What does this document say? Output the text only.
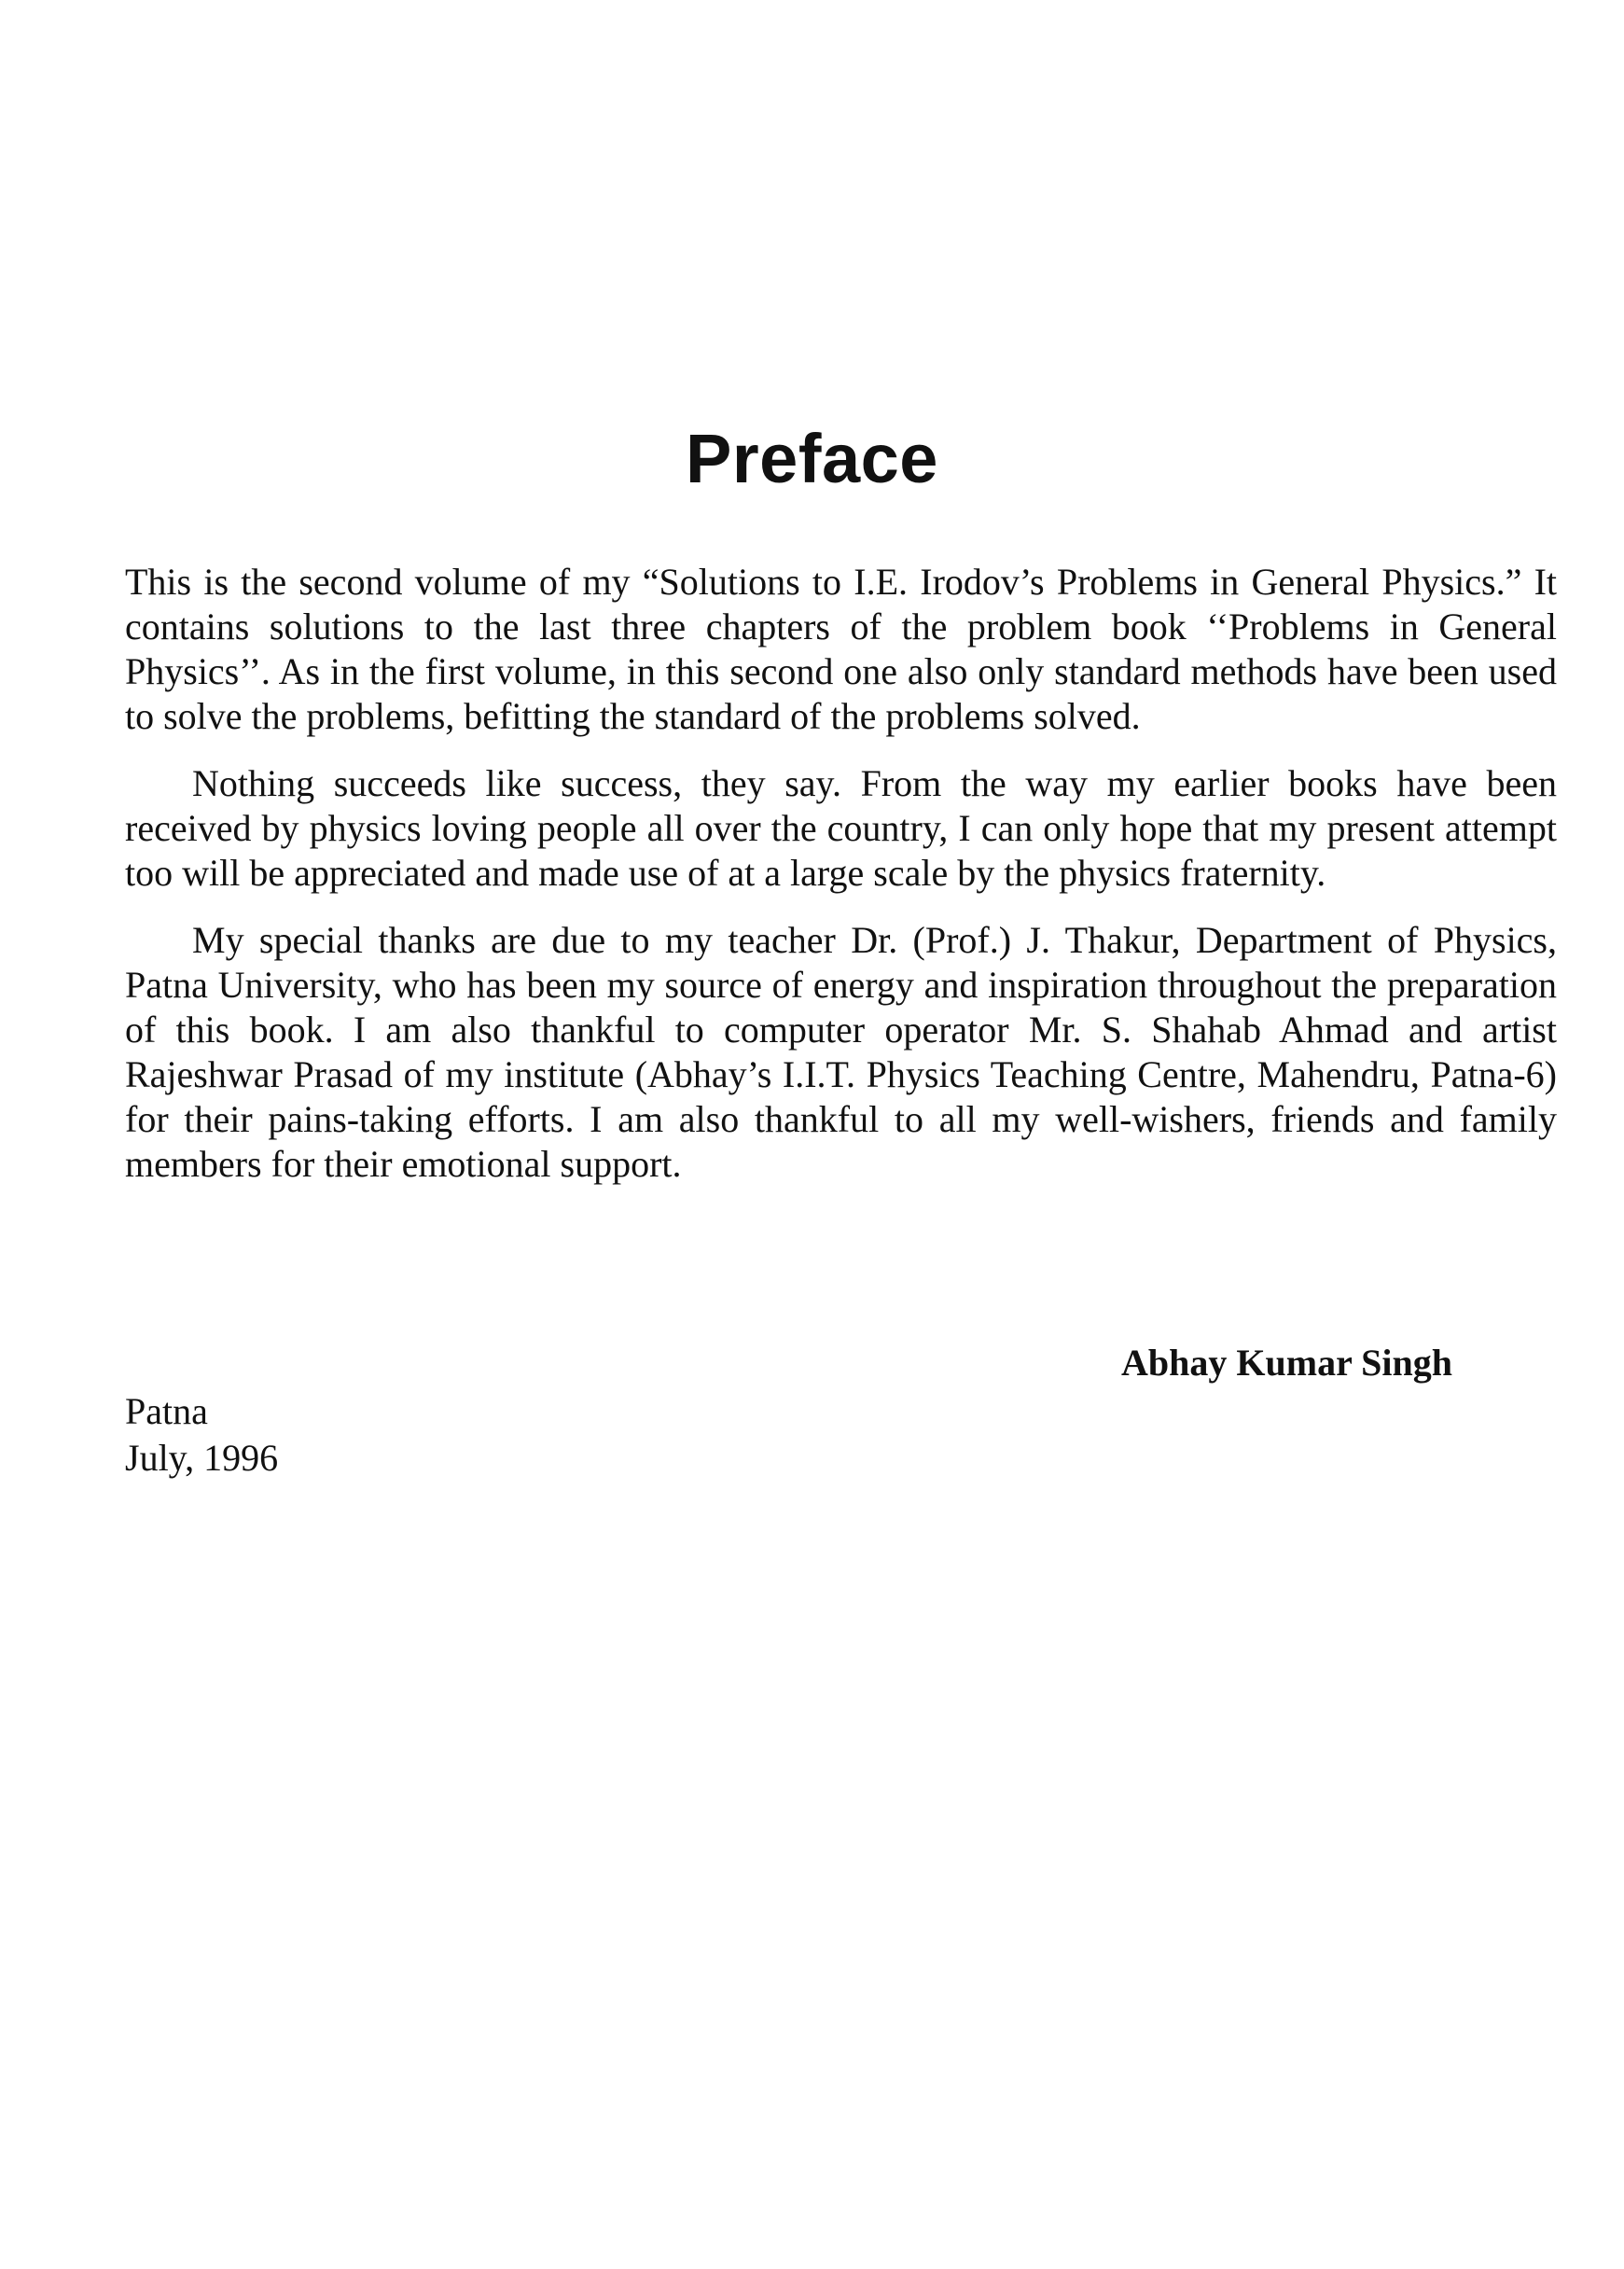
Preface

This is the second volume of my “Solutions to I.E. Irodov’s Problems in General Physics.” It contains solutions to the last three chapters of the problem book ‘‘Problems in General Physics’’. As in the first volume, in this second one also only standard methods have been used to solve the problems, befitting the standard of the problems solved.

Nothing succeeds like success, they say. From the way my earlier books have been received by physics loving people all over the country, I can only hope that my present attempt too will be appreciated and made use of at a large scale by the physics fraternity.

My special thanks are due to my teacher Dr. (Prof.) J. Thakur, Department of Physics, Patna University, who has been my source of energy and inspiration throughout the preparation of this book. I am also thankful to computer operator Mr. S. Shahab Ahmad and artist Rajeshwar Prasad of my institute (Abhay’s I.I.T. Physics Teaching Centre, Mahendru, Patna-6) for their pains-taking efforts. I am also thankful to all my well-wishers, friends and family members for their emotional support.

Abhay Kumar Singh
Patna
July, 1996
